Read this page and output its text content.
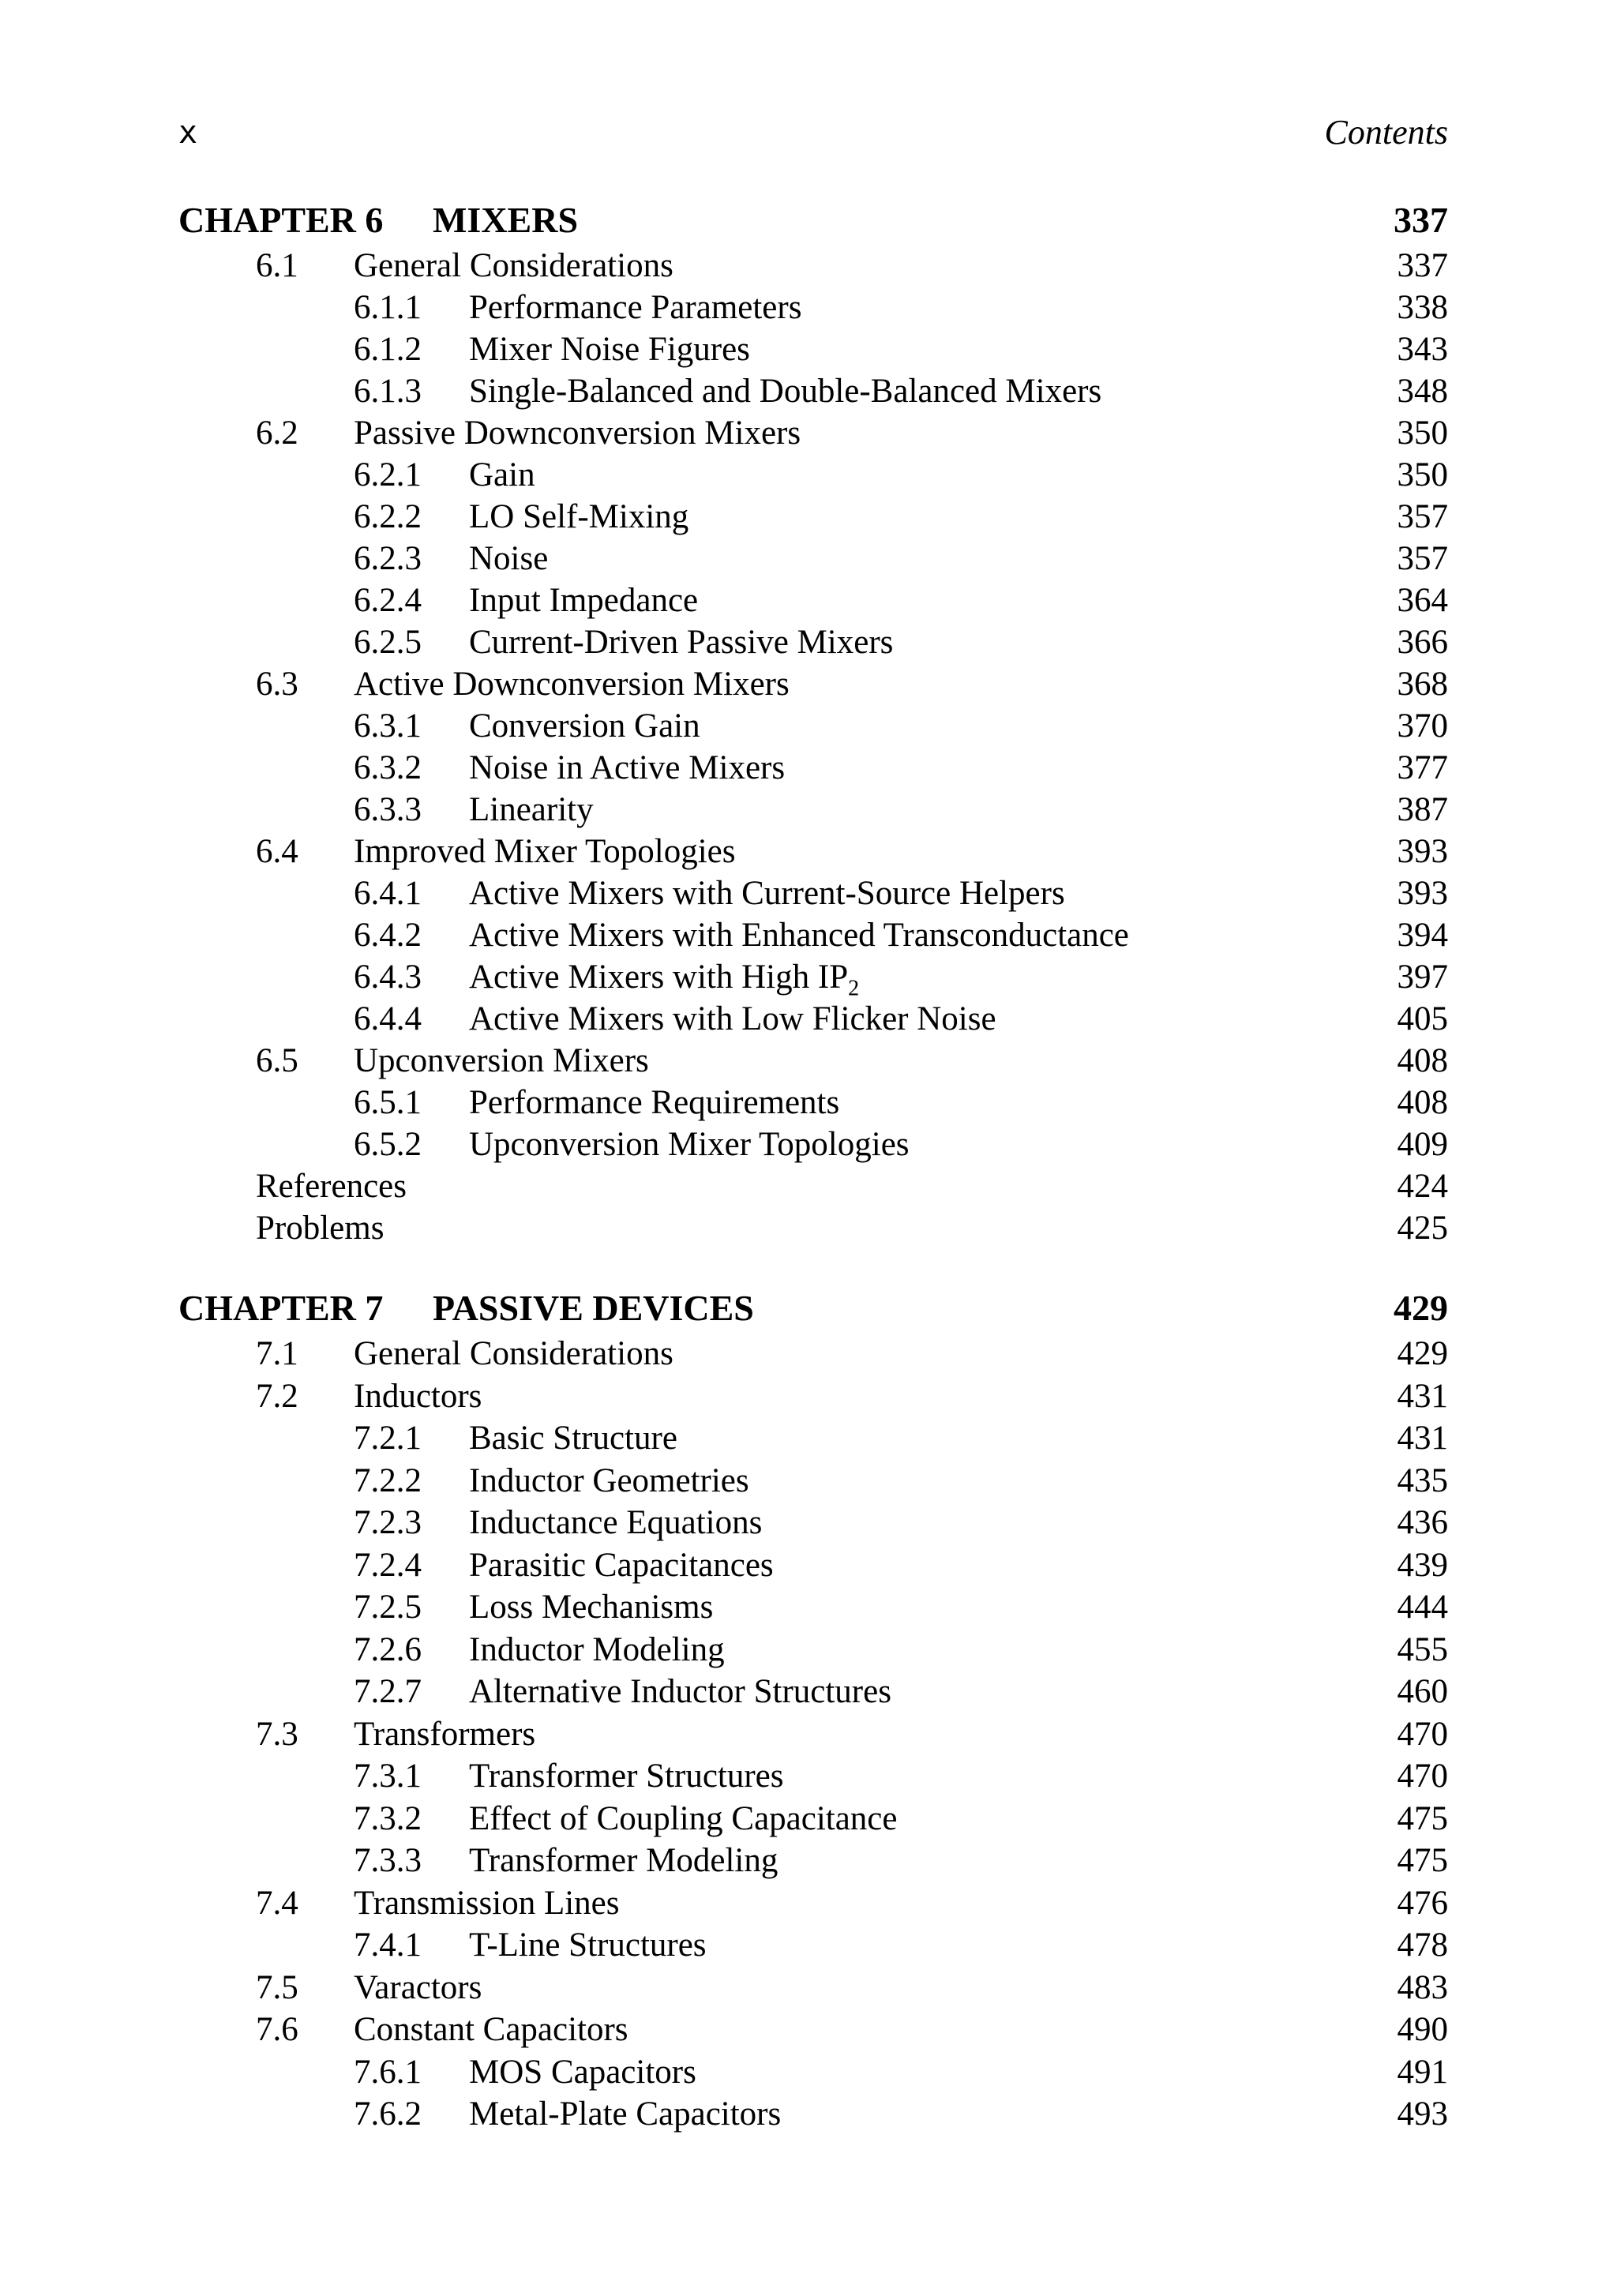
x	Contents
CHAPTER 6 MIXERS	337
6.1 General Considerations	337
6.1.1 Performance Parameters	338
6.1.2 Mixer Noise Figures	343
6.1.3 Single-Balanced and Double-Balanced Mixers	348
6.2 Passive Downconversion Mixers	350
6.2.1 Gain	350
6.2.2 LO Self-Mixing	357
6.2.3 Noise	357
6.2.4 Input Impedance	364
6.2.5 Current-Driven Passive Mixers	366
6.3 Active Downconversion Mixers	368
6.3.1 Conversion Gain	370
6.3.2 Noise in Active Mixers	377
6.3.3 Linearity	387
6.4 Improved Mixer Topologies	393
6.4.1 Active Mixers with Current-Source Helpers	393
6.4.2 Active Mixers with Enhanced Transconductance	394
6.4.3 Active Mixers with High $IP_2$	397
6.4.4 Active Mixers with Low Flicker Noise	405
6.5 Upconversion Mixers	408
6.5.1 Performance Requirements	408
6.5.2 Upconversion Mixer Topologies	409
References	424
Problems	425
CHAPTER 7 PASSIVE DEVICES	429
7.1 General Considerations	429
7.2 Inductors	431
7.2.1 Basic Structure	431
7.2.2 Inductor Geometries	435
7.2.3 Inductance Equations	436
7.2.4 Parasitic Capacitances	439
7.2.5 Loss Mechanisms	444
7.2.6 Inductor Modeling	455
7.2.7 Alternative Inductor Structures	460
7.3 Transformers	470
7.3.1 Transformer Structures	470
7.3.2 Effect of Coupling Capacitance	475
7.3.3 Transformer Modeling	475
7.4 Transmission Lines	476
7.4.1 T-Line Structures	478
7.5 Varactors	483
7.6 Constant Capacitors	490
7.6.1 MOS Capacitors	491
7.6.2 Metal-Plate Capacitors	493
